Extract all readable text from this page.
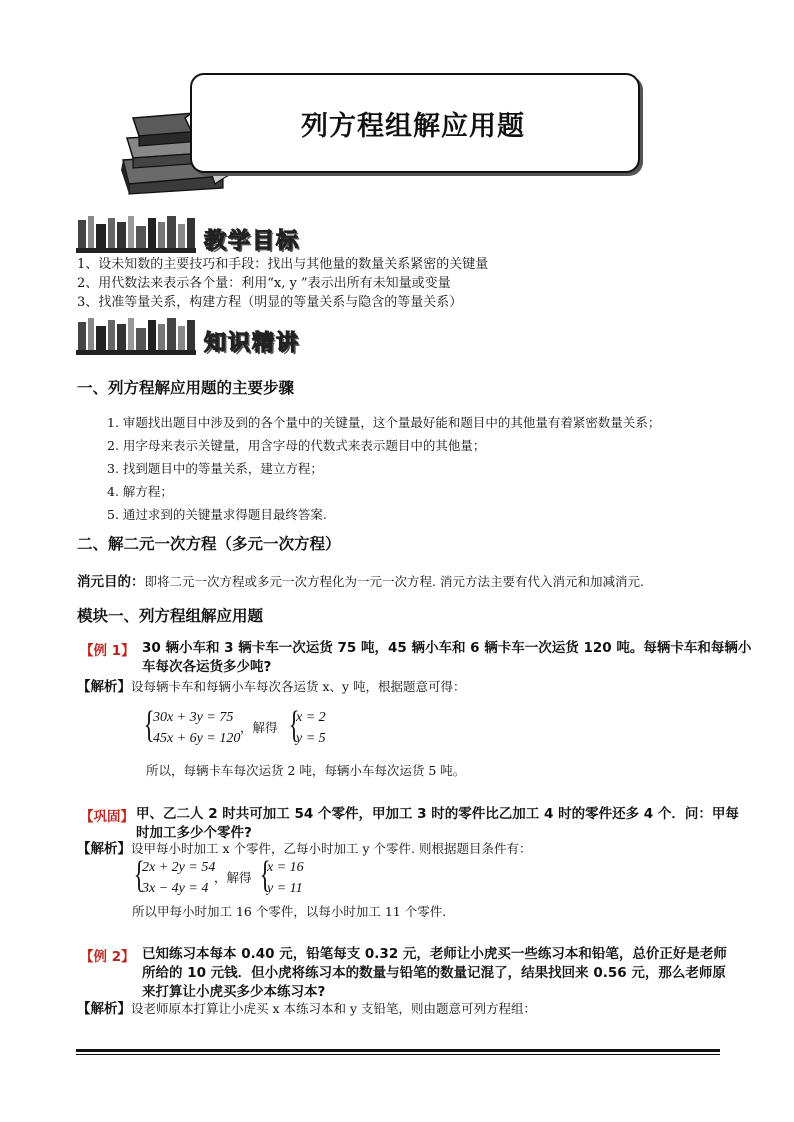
列方程组解应用题
教学目标
1、设未知数的主要技巧和手段：找出与其他量的数量关系紧密的关键量
2、用代数法来表示各个量：利用“x, y ”表示出所有未知量或变量
3、找准等量关系，构建方程（明显的等量关系与隐含的等量关系）
知识精讲
一、列方程解应用题的主要步骤
1. 审题找出题目中涉及到的各个量中的关键量，这个量最好能和题目中的其他量有着紧密数量关系；
2. 用字母来表示关键量，用含字母的代数式来表示题目中的其他量；
3. 找到题目中的等量关系，建立方程；
4. 解方程；
5. 通过求到的关键量求得题目最终答案.
二、解二元一次方程（多元一次方程）
消元目的：即将二元一次方程或多元一次方程化为一元一次方程. 消元方法主要有代入消元和加减消元.
模块一、列方程组解应用题
【例 1】 30 辆小车和 3 辆卡车一次运货 75 吨，45 辆小车和 6 辆卡车一次运货 120 吨。每辆卡车和每辆小
车每次各运货多少吨?
【解析】设每辆卡车和每辆小车每次各运货 x、y 吨，根据题意可得：
{
30x + 3y = 75
45x + 6y = 120
，解得 {
x = 2
y = 5
所以，每辆卡车每次运货 2 吨，每辆小车每次运货 5 吨。
【巩固】 甲、乙二人 2 时共可加工 54 个零件，甲加工 3 时的零件比乙加工 4 时的零件还多 4 个．问：甲每
时加工多少个零件?
【解析】设甲每小时加工 x 个零件，乙每小时加工 y 个零件. 则根据题目条件有：
{
2x + 2y = 54
3x − 4y = 4
，解得 {
x = 16
y = 11
所以甲每小时加工 16 个零件，以每小时加工 11 个零件.
【例 2】 已知练习本每本 0.40 元，铅笔每支 0.32 元，老师让小虎买一些练习本和铅笔，总价正好是老师
所给的 10 元钱．但小虎将练习本的数量与铅笔的数量记混了，结果找回来 0.56 元，那么老师原
来打算让小虎买多少本练习本?
【解析】设老师原本打算让小虎买 x 本练习本和 y 支铅笔，则由题意可列方程组：
